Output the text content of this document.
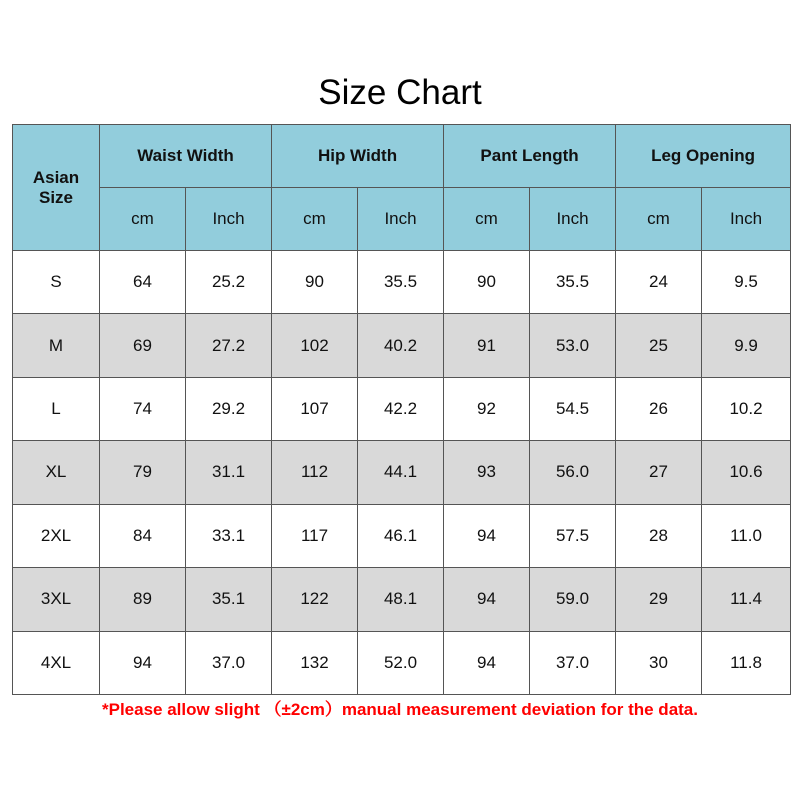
Size Chart
Asian
Size	Waist Width		Hip Width		Pant Length		Leg Opening	
	cm	Inch	cm	Inch	cm	Inch	cm	Inch
S	64	25.2	90	35.5	90	35.5	24	9.5
M	69	27.2	102	40.2	91	53.0	25	9.9
L	74	29.2	107	42.2	92	54.5	26	10.2
XL	79	31.1	112	44.1	93	56.0	27	10.6
2XL	84	33.1	117	46.1	94	57.5	28	11.0
3XL	89	35.1	122	48.1	94	59.0	29	11.4
4XL	94	37.0	132	52.0	94	37.0	30	11.8
*Please allow slight （±2cm）manual measurement deviation for the data.
